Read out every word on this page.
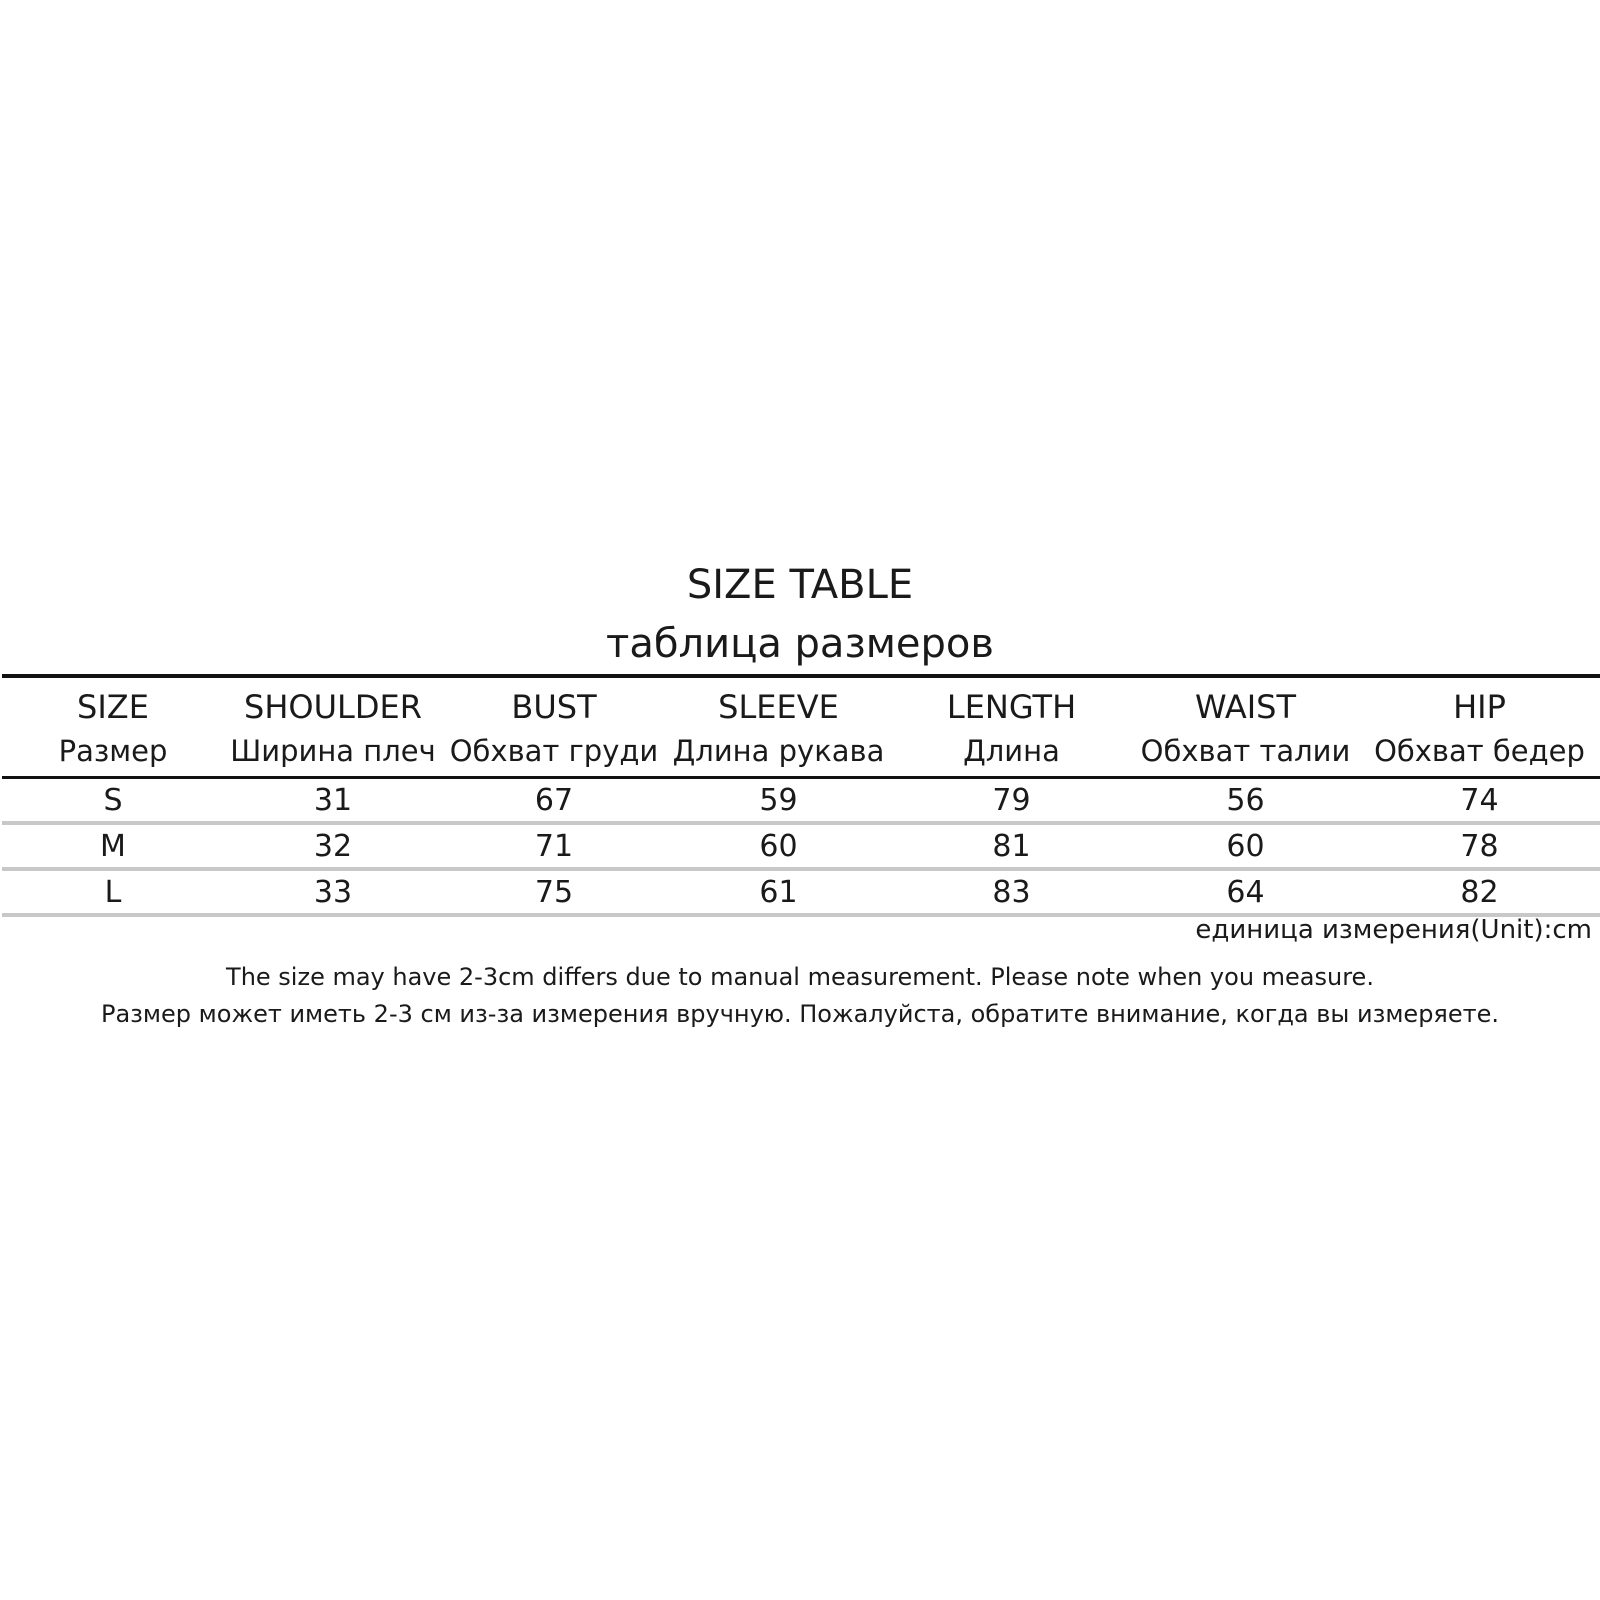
SIZE TABLE
таблица размеров
SIZE	SHOULDER	BUST	SLEEVE	LENGTH	WAIST	HIP
Размер	Ширина плеч	Обхват груди	Длина рукава	Длина	Обхват талии	Обхват бедер
S	31	67	59	79	56	74
M	32	71	60	81	60	78
L	33	75	61	83	64	82
единица измерения(Unit):cm
The size may have 2-3cm differs due to manual measurement. Please note when you measure.
Размер может иметь 2-3 см из-за измерения вручную. Пожалуйста, обратите внимание, когда вы измеряете.
